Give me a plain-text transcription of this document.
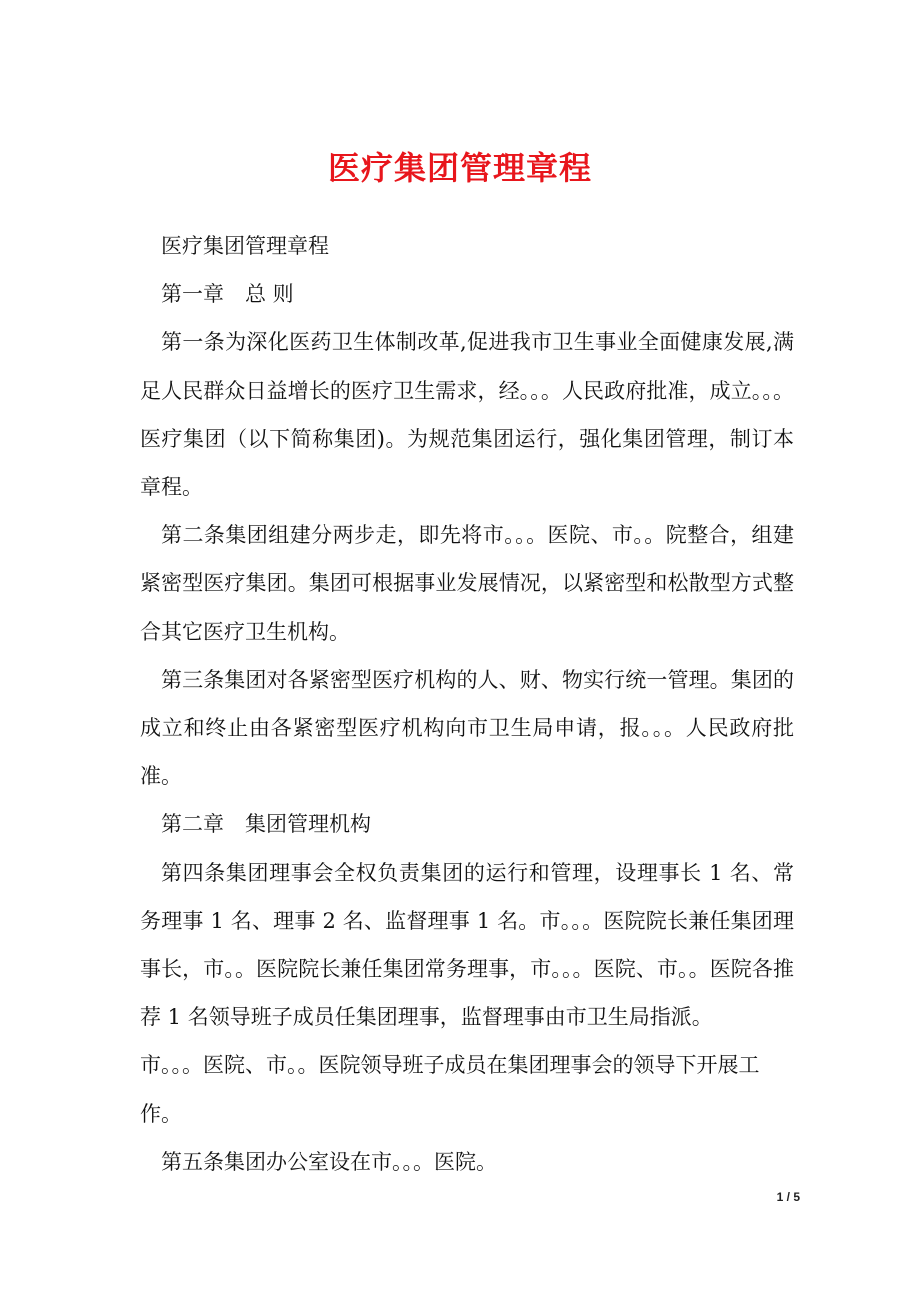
医疗集团管理章程

医疗集团管理章程

第一章　总 则

第一条为深化医药卫生体制改革,促进我市卫生事业全面健康发展,满足人民群众日益增长的医疗卫生需求，经。。。人民政府批准，成立。。。医疗集团（以下简称集团)。为规范集团运行，强化集团管理，制订本章程。

第二条集团组建分两步走，即先将市。。。医院、市。。院整合，组建紧密型医疗集团。集团可根据事业发展情况，以紧密型和松散型方式整合其它医疗卫生机构。

第三条集团对各紧密型医疗机构的人、财、物实行统一管理。集团的成立和终止由各紧密型医疗机构向市卫生局申请，报。。。人民政府批准。

第二章　集团管理机构

第四条集团理事会全权负责集团的运行和管理，设理事长 1 名、常务理事 1 名、理事 2 名、监督理事 1 名。市。。。医院院长兼任集团理事长，市。。医院院长兼任集团常务理事，市。。。医院、市。。医院各推荐 1 名领导班子成员任集团理事，监督理事由市卫生局指派。

市。。。医院、市。。医院领导班子成员在集团理事会的领导下开展工作。

第五条集团办公室设在市。。。医院。

1 / 5
